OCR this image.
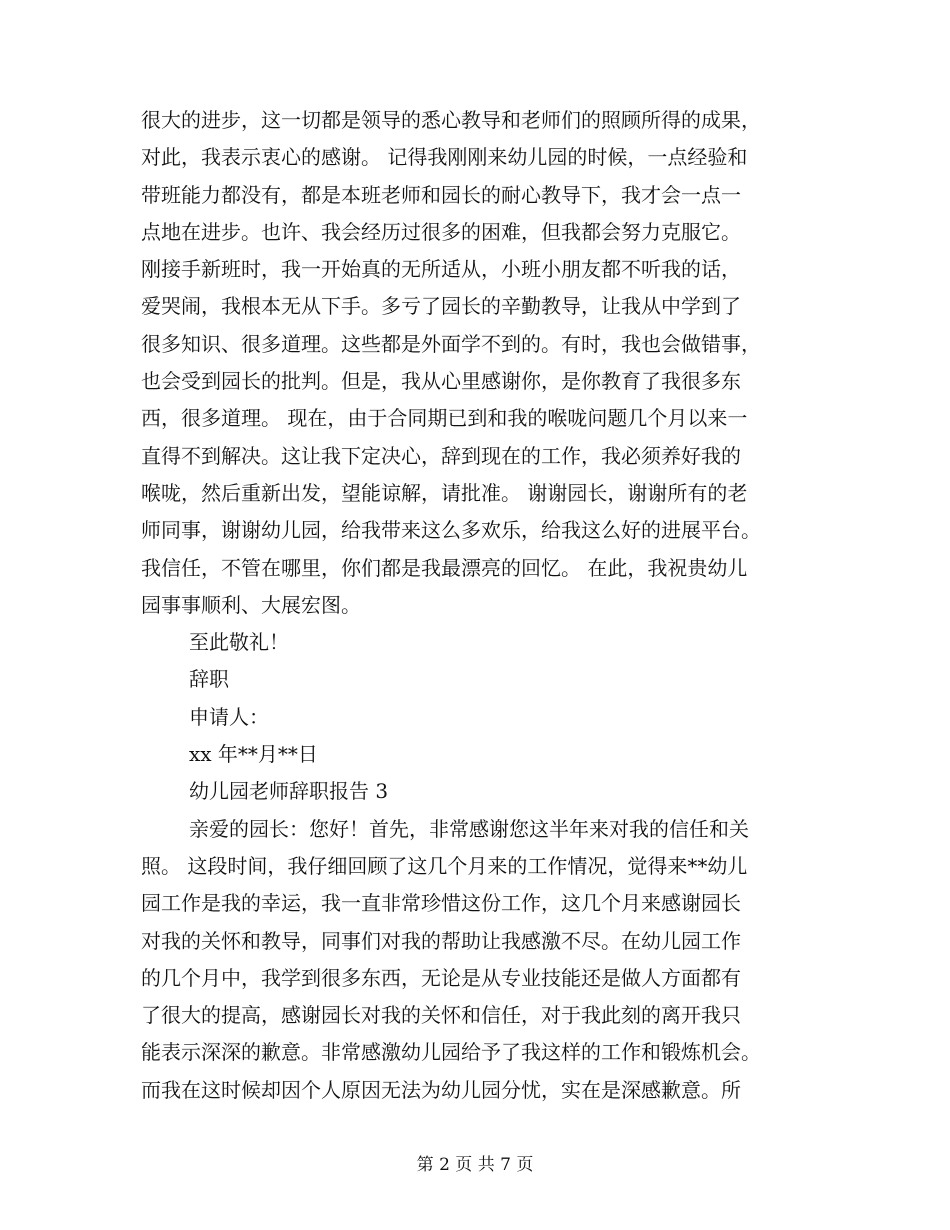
很大的进步，这一切都是领导的悉心教导和老师们的照顾所得的成果，
对此，我表示衷心的感谢。 记得我刚刚来幼儿园的时候，一点经验和
带班能力都没有，都是本班老师和园长的耐心教导下，我才会一点一
点地在进步。也许、我会经历过很多的困难，但我都会努力克服它。
刚接手新班时，我一开始真的无所适从，小班小朋友都不听我的话，
爱哭闹，我根本无从下手。多亏了园长的辛勤教导，让我从中学到了
很多知识、很多道理。这些都是外面学不到的。有时，我也会做错事，
也会受到园长的批判。但是，我从心里感谢你，是你教育了我很多东
西，很多道理。 现在，由于合同期已到和我的喉咙问题几个月以来一
直得不到解决。这让我下定决心，辞到现在的工作，我必须养好我的
喉咙，然后重新出发，望能谅解，请批准。 谢谢园长，谢谢所有的老
师同事，谢谢幼儿园，给我带来这么多欢乐，给我这么好的进展平台。
我信任，不管在哪里，你们都是我最漂亮的回忆。 在此，我祝贵幼儿
园事事顺利、大展宏图。
至此敬礼！
辞职
申请人：
xx 年**月**日
幼儿园老师辞职报告 3
亲爱的园长：您好！首先，非常感谢您这半年来对我的信任和关
照。 这段时间，我仔细回顾了这几个月来的工作情况，觉得来**幼儿
园工作是我的幸运，我一直非常珍惜这份工作，这几个月来感谢园长
对我的关怀和教导，同事们对我的帮助让我感激不尽。在幼儿园工作
的几个月中，我学到很多东西，无论是从专业技能还是做人方面都有
了很大的提高，感谢园长对我的关怀和信任，对于我此刻的离开我只
能表示深深的歉意。非常感激幼儿园给予了我这样的工作和锻炼机会。
而我在这时候却因个人原因无法为幼儿园分忧，实在是深感歉意。所
第 2 页 共 7 页
